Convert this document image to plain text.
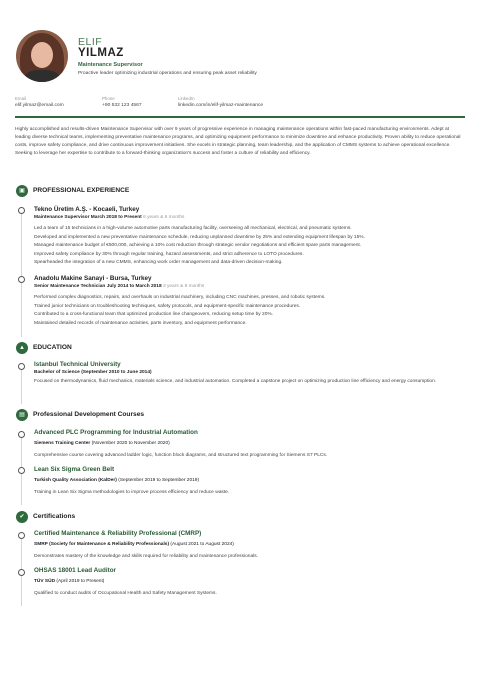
ELIF
YILMAZ
Maintenance Supervisor
Proactive leader optimizing industrial operations and ensuring peak asset reliability
Email
elif.yilmaz@email.com
Phone
+90 532 123 4567
LinkedIn
linkedin.com/in/elif-yilmaz-maintenance
Highly accomplished and results-driven Maintenance Supervisor with over 9 years of progressive experience in managing maintenance operations within fast-paced manufacturing environments. Adept at leading diverse technical teams, implementing preventative maintenance programs, and optimizing equipment performance to minimize downtime and enhance productivity. Proven ability to reduce operational costs, improve safety compliance, and drive continuous improvement initiatives. She excels in strategic planning, team leadership, and the application of CMMS systems to achieve operational excellence. Seeking to leverage her expertise to contribute to a forward-thinking organization's success and foster a culture of reliability and efficiency.
▣	PROFESSIONAL EXPERIENCE
Tekno Üretim A.Ş. - Kocaeli, Turkey
Maintenance Supervisor March 2018 to Present 6 years & 6 months
Led a team of 15 technicians in a high-volume automotive parts manufacturing facility, overseeing all mechanical, electrical, and pneumatic systems.
Developed and implemented a new preventative maintenance schedule, reducing unplanned downtime by 25% and extending equipment lifespan by 15%.
Managed maintenance budget of €500,000, achieving a 10% cost reduction through strategic vendor negotiations and efficient spare parts management.
Improved safety compliance by 30% through regular training, hazard assessments, and strict adherence to LOTO procedures.
Spearheaded the integration of a new CMMS, enhancing work order management and data-driven decision-making.
Anadolu Makine Sanayi - Bursa, Turkey
Senior Maintenance Technician July 2014 to March 2018 3 years & 9 months
Performed complex diagnostics, repairs, and overhauls on industrial machinery, including CNC machines, presses, and robotic systems.
Trained junior technicians on troubleshooting techniques, safety protocols, and equipment-specific maintenance procedures.
Contributed to a cross-functional team that optimized production line changeovers, reducing setup time by 20%.
Maintained detailed records of maintenance activities, parts inventory, and equipment performance.
▲	EDUCATION
Istanbul Technical University
Bachelor of Science (September 2010 to June 2014)
Focused on thermodynamics, fluid mechanics, materials science, and industrial automation. Completed a capstone project on optimizing production line efficiency and energy consumption.
▤	Professional Development Courses
Advanced PLC Programming for Industrial Automation
Siemens Training Center (November 2020 to November 2020)
Comprehensive course covering advanced ladder logic, function block diagrams, and structured text programming for Siemens S7 PLCs.
Lean Six Sigma Green Belt
Turkish Quality Association (KalDer) (September 2019 to September 2019)
Training in Lean Six Sigma methodologies to improve process efficiency and reduce waste.
✔	Certifications
Certified Maintenance & Reliability Professional (CMRP)
SMRP (Society for Maintenance & Reliability Professionals) (August 2021 to August 2024)
Demonstrates mastery of the knowledge and skills required for reliability and maintenance professionals.
OHSAS 18001 Lead Auditor
TÜV SÜD (April 2019 to Present)
Qualified to conduct audits of Occupational Health and Safety Management Systems.
